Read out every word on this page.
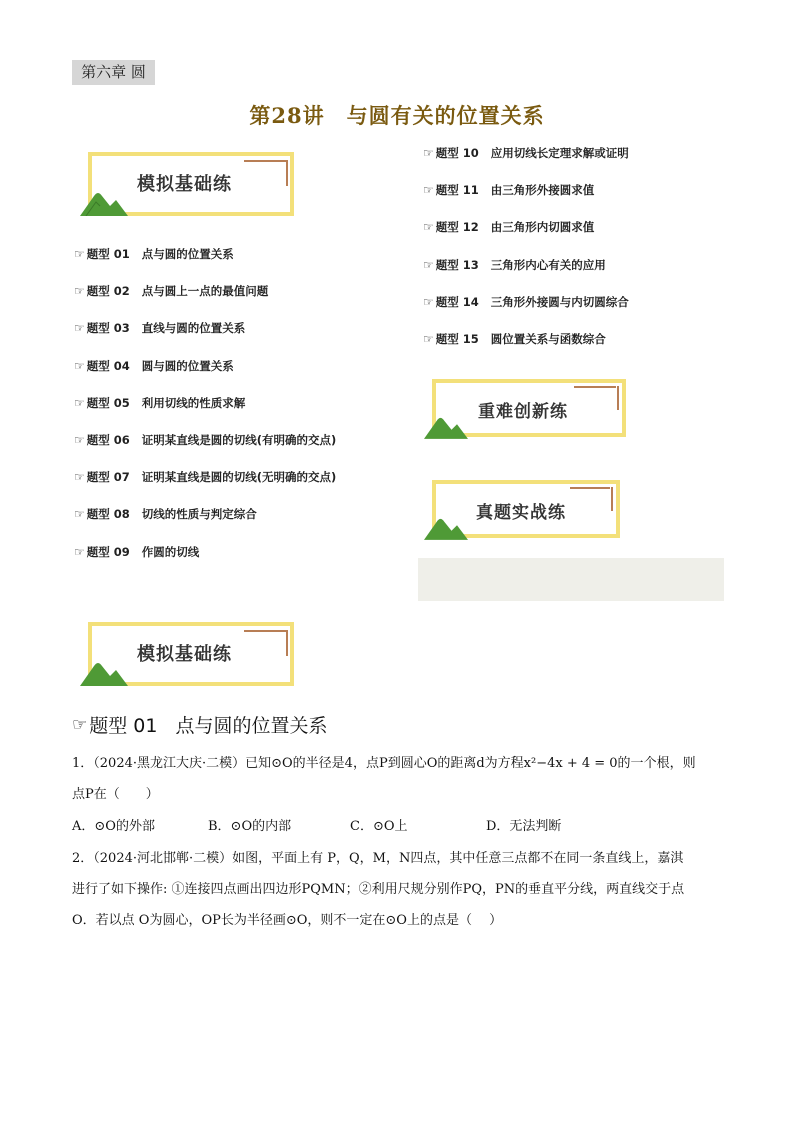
第六章 圆
第28讲　与圆有关的位置关系
模拟基础练
☞ 题型 01	点与圆的位置关系
☞ 题型 02	点与圆上一点的最值问题
☞ 题型 03	直线与圆的位置关系
☞ 题型 04	圆与圆的位置关系
☞ 题型 05	利用切线的性质求解
☞ 题型 06	证明某直线是圆的切线(有明确的交点)
☞ 题型 07	证明某直线是圆的切线(无明确的交点)
☞ 题型 08	切线的性质与判定综合
☞ 题型 09	作圆的切线
☞ 题型 10	应用切线长定理求解或证明
☞ 题型 11	由三角形外接圆求值
☞ 题型 12	由三角形内切圆求值
☞ 题型 13	三角形内心有关的应用
☞ 题型 14	三角形外接圆与内切圆综合
☞ 题型 15	圆位置关系与函数综合
重难创新练
真题实战练
模拟基础练
☞ 题型 01 点与圆的位置关系
1．（2024·黑龙江大庆·二模）已知⊙O的半径是4，点P到圆心O的距离d为方程x²−4x + 4 = 0的一个根，则
点P在（　　）
A．⊙O的外部	B．⊙O的内部	C．⊙O上	D．无法判断
2．（2024·河北邯郸·二模）如图，平面上有 P，Q，M，N四点，其中任意三点都不在同一条直线上，嘉淇
进行了如下操作: ①连接四点画出四边形PQMN；②利用尺规分别作PQ，PN的垂直平分线，两直线交于点
O．若以点 O为圆心，OP长为半径画⊙O，则不一定在⊙O上的点是（　 ）
